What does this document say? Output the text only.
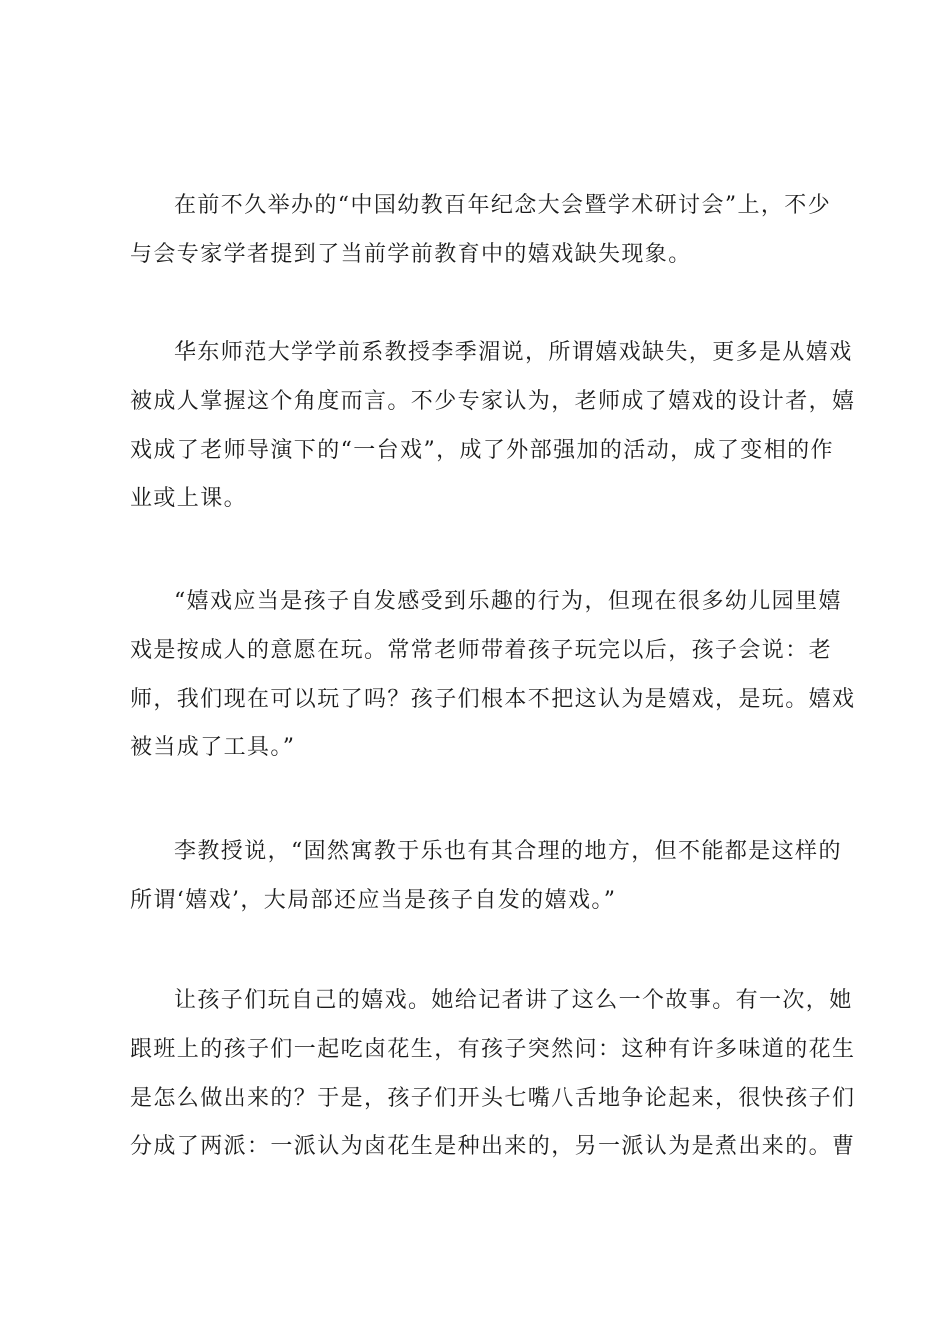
在前不久举办的“中国幼教百年纪念大会暨学术研讨会”上，不少
与会专家学者提到了当前学前教育中的嬉戏缺失现象。
华东师范大学学前系教授李季湄说，所谓嬉戏缺失，更多是从嬉戏
被成人掌握这个角度而言。不少专家认为，老师成了嬉戏的设计者，嬉
戏成了老师导演下的“一台戏”，成了外部强加的活动，成了变相的作
业或上课。
“嬉戏应当是孩子自发感受到乐趣的行为，但现在很多幼儿园里嬉
戏是按成人的意愿在玩。常常老师带着孩子玩完以后，孩子会说：老
师，我们现在可以玩了吗？孩子们根本不把这认为是嬉戏，是玩。嬉戏
被当成了工具。”
李教授说，“固然寓教于乐也有其合理的地方，但不能都是这样的
所谓‘嬉戏’，大局部还应当是孩子自发的嬉戏。”
让孩子们玩自己的嬉戏。她给记者讲了这么一个故事。有一次，她
跟班上的孩子们一起吃卤花生，有孩子突然问：这种有许多味道的花生
是怎么做出来的？于是，孩子们开头七嘴八舌地争论起来，很快孩子们
分成了两派：一派认为卤花生是种出来的，另一派认为是煮出来的。曹
